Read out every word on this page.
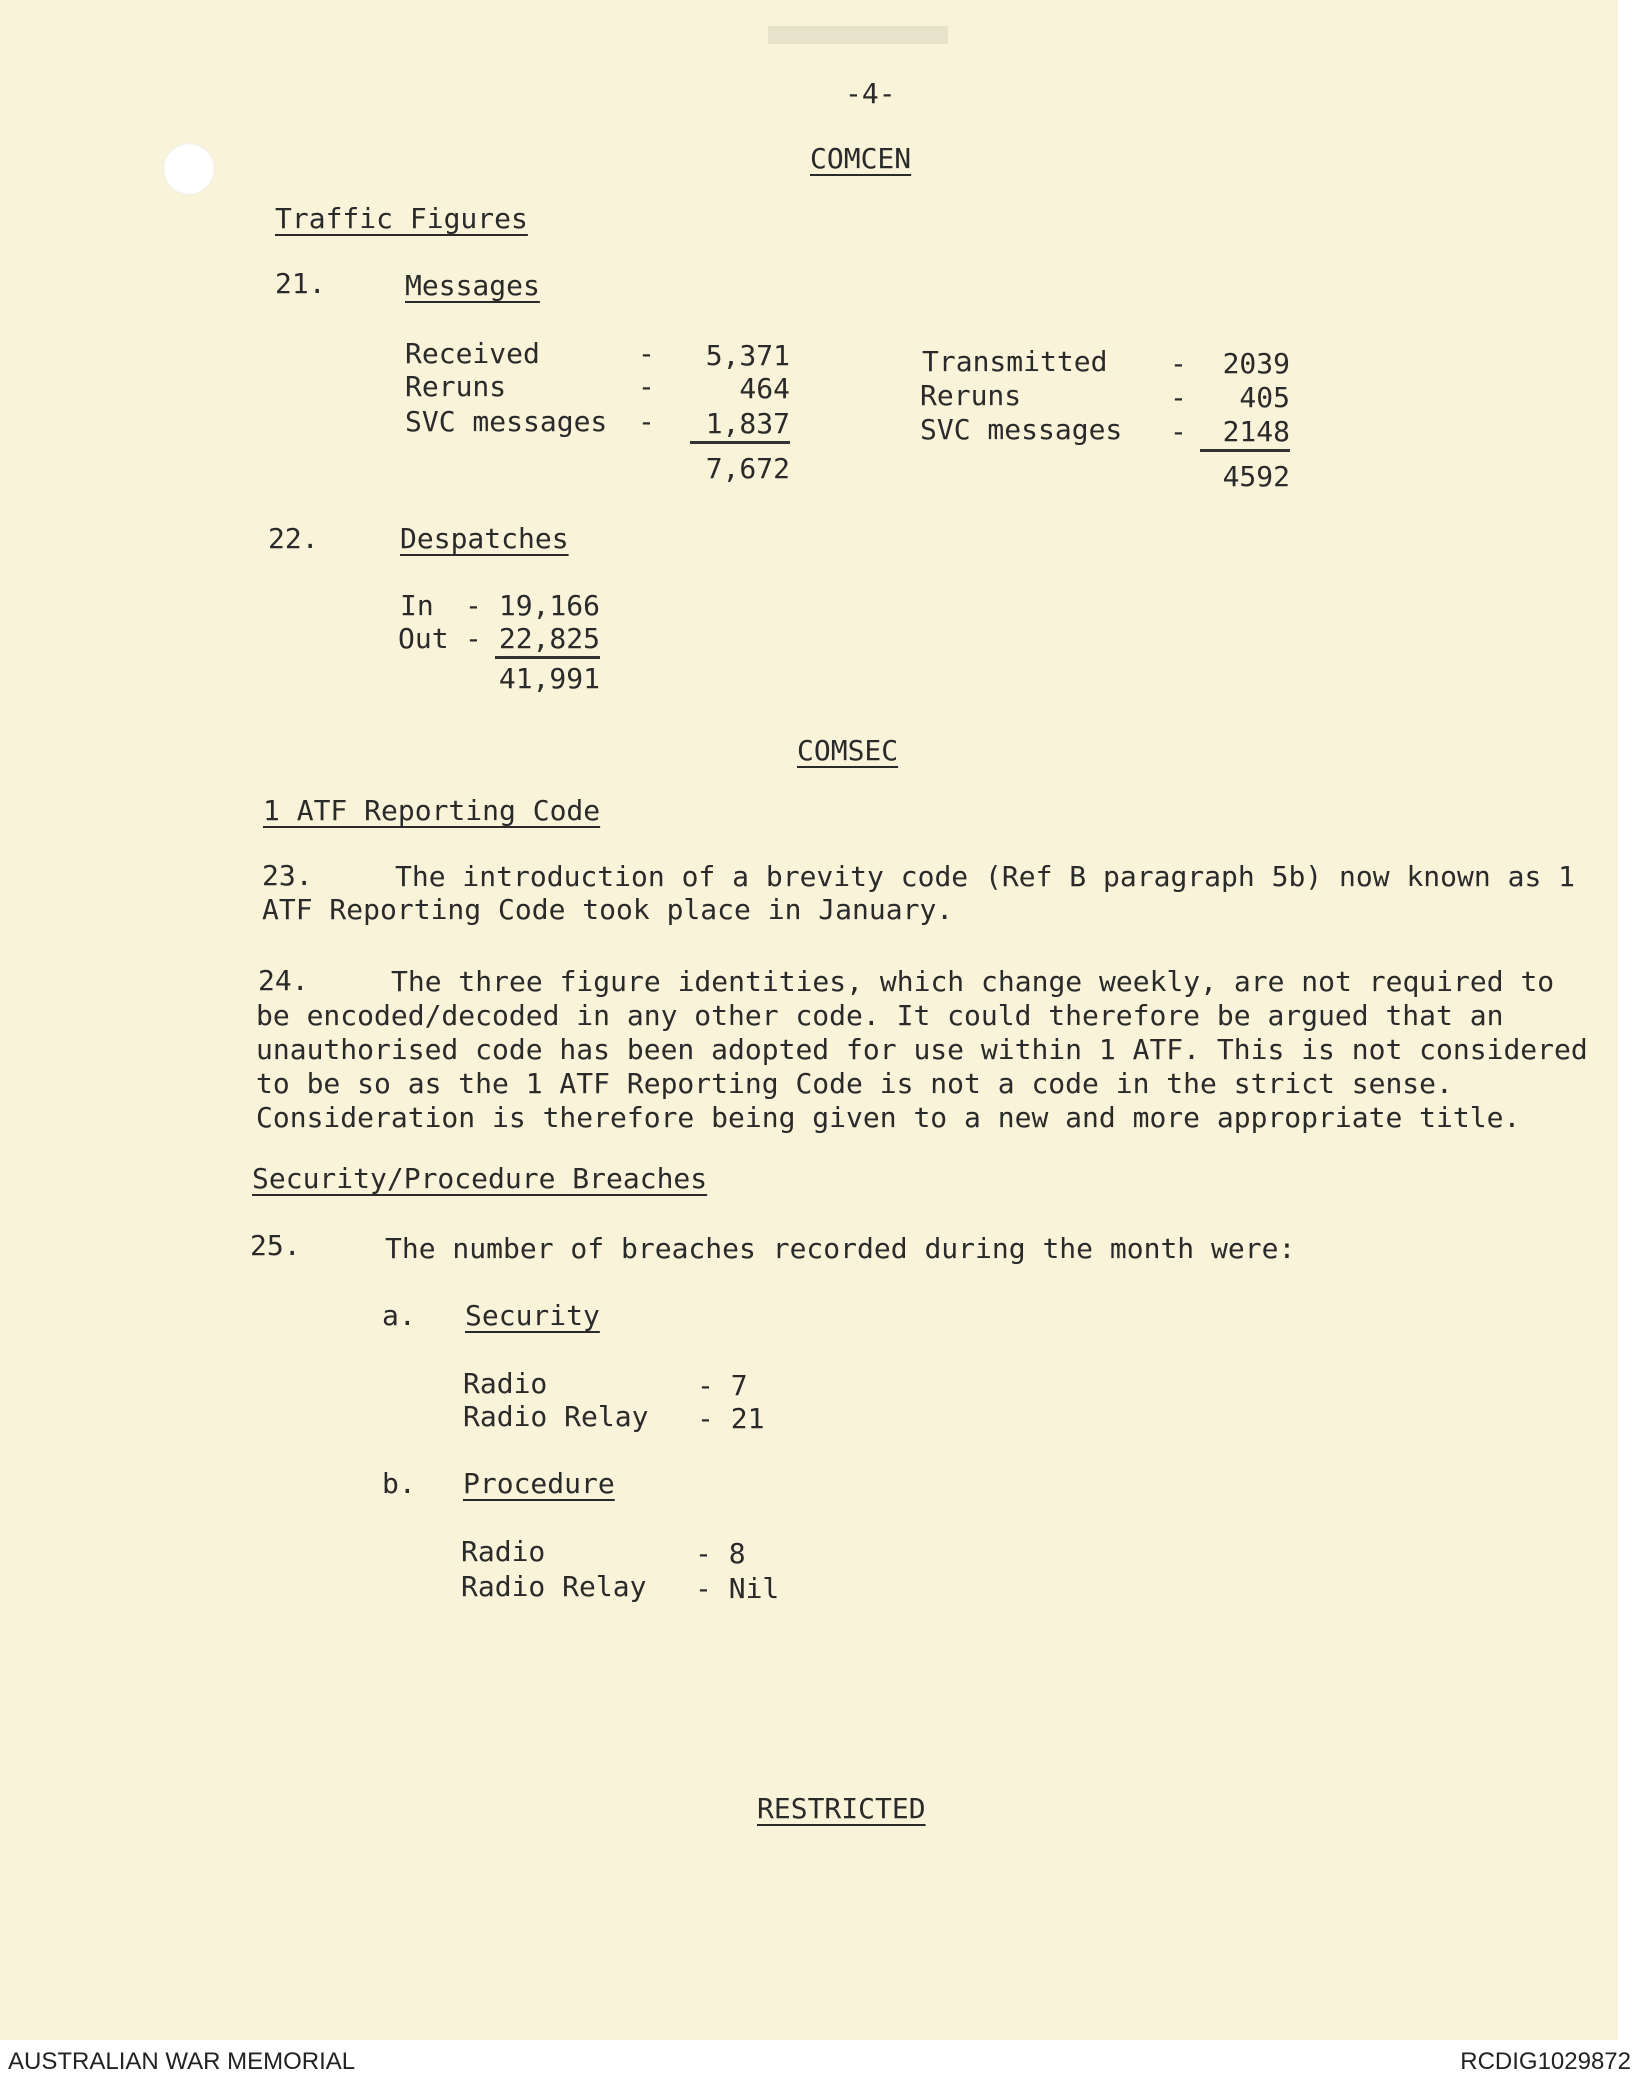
-4-
COMCEN
Traffic Figures
21.	Messages
Received	-	5,371
Reruns	-	464
SVC messages -	1,837
7,672
Transmitted -	2039
Reruns	-	405
SVC messages -	2148
4592
22.	Despatches
In - 19,166
Out - 22,825
41,991
COMSEC
1 ATF Reporting Code
23.	The introduction of a brevity code (Ref B paragraph 5b) now known as 1 ATF Reporting Code took place in January.
24.	The three figure identities, which change weekly, are not required to be encoded/decoded in any other code. It could therefore be argued that an unauthorised code has been adopted for use within 1 ATF. This is not considered to be so as the 1 ATF Reporting Code is not a code in the strict sense. Consideration is therefore being given to a new and more appropriate title.
Security/Procedure Breaches
25.	The number of breaches recorded during the month were:
a. Security
Radio	- 7
Radio Relay - 21
b. Procedure
Radio	- 8
Radio Relay - Nil
RESTRICTED
AUSTRALIAN WAR MEMORIAL	RCDIG1029872
